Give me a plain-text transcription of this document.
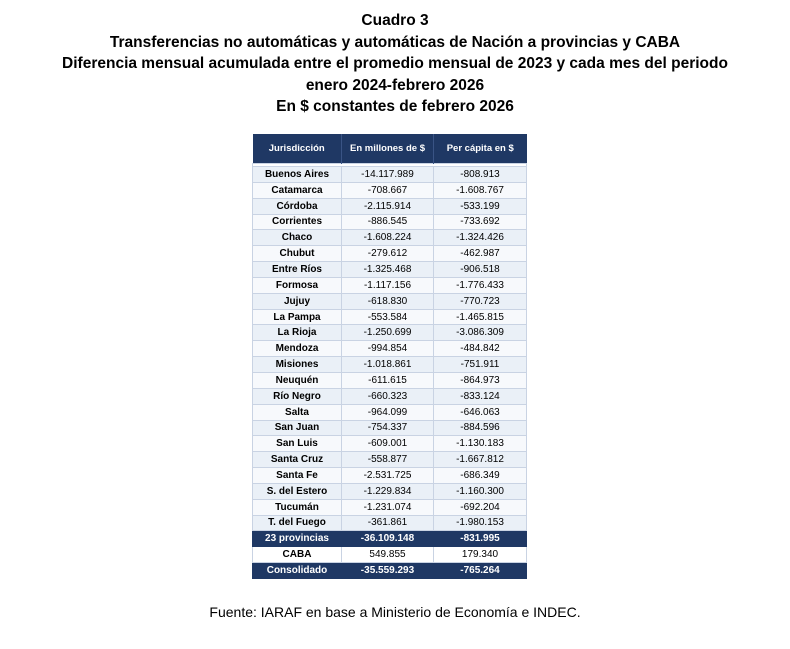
Cuadro 3
Transferencias no automáticas y automáticas de Nación a provincias y CABA
Diferencia mensual acumulada entre el promedio mensual de 2023 y cada mes del periodo
enero 2024-febrero 2026
En $ constantes de febrero 2026
Jurisdicción	En millones de $	Per cápita en $

Buenos Aires	-14.117.989	-808.913
Catamarca	-708.667	-1.608.767
Córdoba	-2.115.914	-533.199
Corrientes	-886.545	-733.692
Chaco	-1.608.224	-1.324.426
Chubut	-279.612	-462.987
Entre Ríos	-1.325.468	-906.518
Formosa	-1.117.156	-1.776.433
Jujuy	-618.830	-770.723
La Pampa	-553.584	-1.465.815
La Rioja	-1.250.699	-3.086.309
Mendoza	-994.854	-484.842
Misiones	-1.018.861	-751.911
Neuquén	-611.615	-864.973
Río Negro	-660.323	-833.124
Salta	-964.099	-646.063
San Juan	-754.337	-884.596
San Luis	-609.001	-1.130.183
Santa Cruz	-558.877	-1.667.812
Santa Fe	-2.531.725	-686.349
S. del Estero	-1.229.834	-1.160.300
Tucumán	-1.231.074	-692.204
T. del Fuego	-361.861	-1.980.153
23 provincias	-36.109.148	-831.995
CABA	549.855	179.340
Consolidado	-35.559.293	-765.264
Fuente: IARAF en base a Ministerio de Economía e INDEC.
